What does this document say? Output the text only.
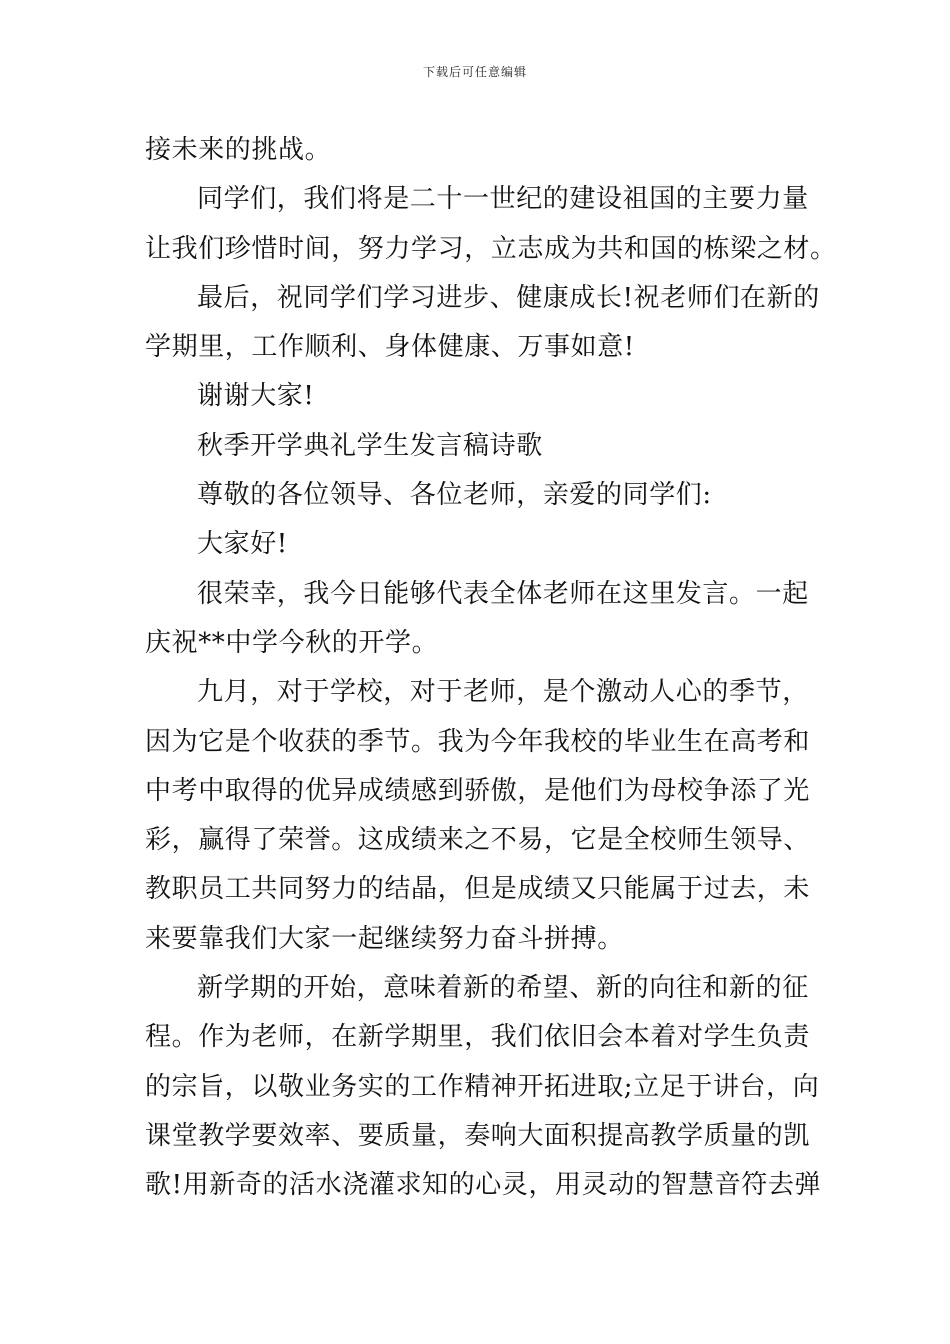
下载后可任意编辑
接未来的挑战。
同学们，我们将是二十一世纪的建设祖国的主要力量
让我们珍惜时间，努力学习，立志成为共和国的栋梁之材。
最后，祝同学们学习进步、健康成长!祝老师们在新的
学期里，工作顺利、身体健康、万事如意!
谢谢大家!
秋季开学典礼学生发言稿诗歌
尊敬的各位领导、各位老师，亲爱的同学们:
大家好!
很荣幸，我今日能够代表全体老师在这里发言。一起
庆祝**中学今秋的开学。
九月，对于学校，对于老师，是个激动人心的季节，
因为它是个收获的季节。我为今年我校的毕业生在高考和
中考中取得的优异成绩感到骄傲，是他们为母校争添了光
彩，赢得了荣誉。这成绩来之不易，它是全校师生领导、
教职员工共同努力的结晶，但是成绩又只能属于过去，未
来要靠我们大家一起继续努力奋斗拼搏。
新学期的开始，意味着新的希望、新的向往和新的征
程。作为老师，在新学期里，我们依旧会本着对学生负责
的宗旨，以敬业务实的工作精神开拓进取;立足于讲台，向
课堂教学要效率、要质量，奏响大面积提高教学质量的凯
歌!用新奇的活水浇灌求知的心灵，用灵动的智慧音符去弹
